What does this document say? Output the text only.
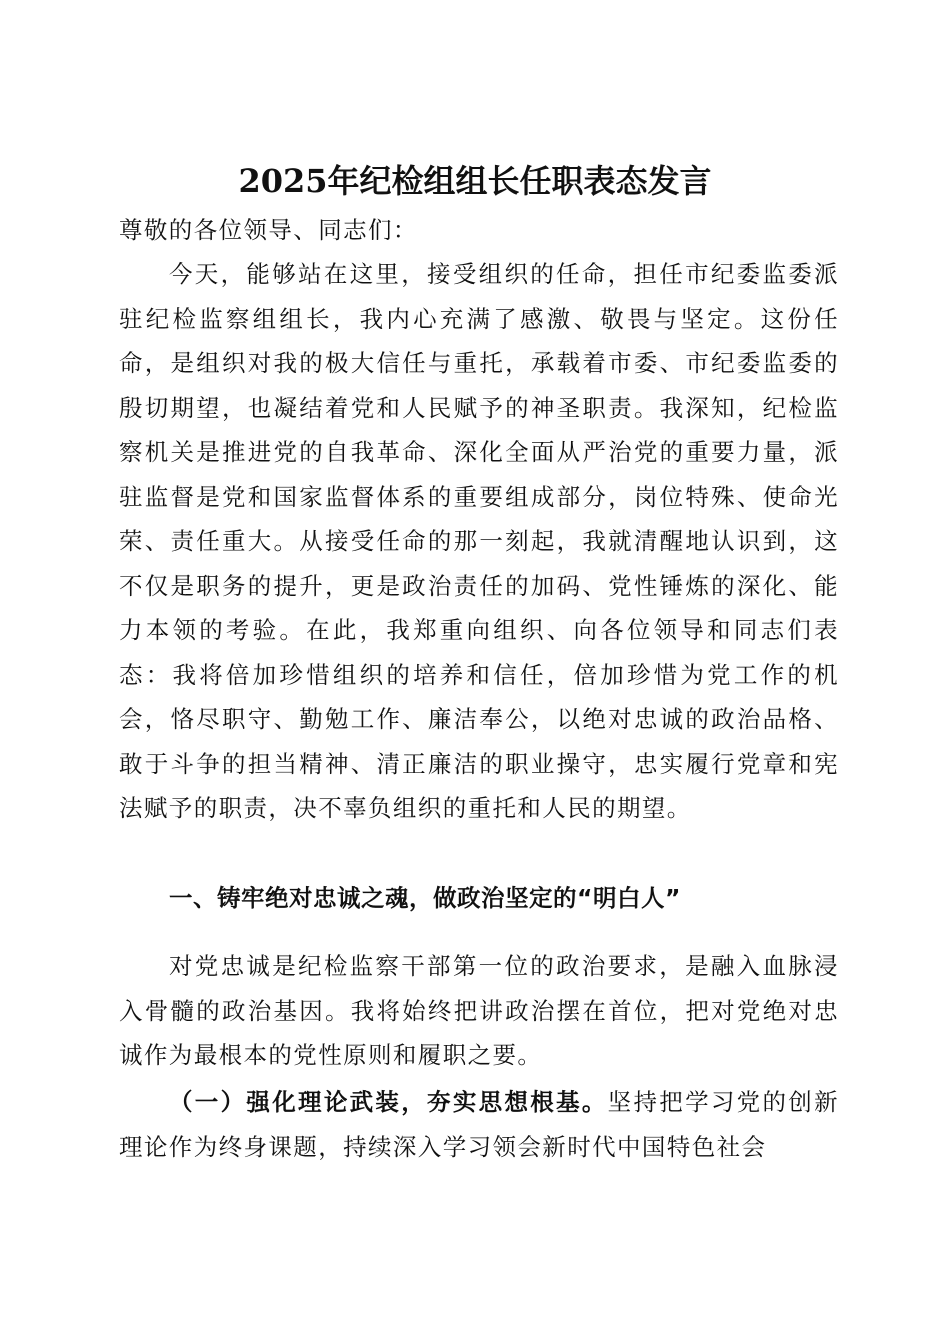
2025年纪检组组长任职表态发言

尊敬的各位领导、同志们：

今天，能够站在这里，接受组织的任命，担任市纪委监委派驻纪检监察组组长，我内心充满了感激、敬畏与坚定。这份任命，是组织对我的极大信任与重托，承载着市委、市纪委监委的殷切期望，也凝结着党和人民赋予的神圣职责。我深知，纪检监察机关是推进党的自我革命、深化全面从严治党的重要力量，派驻监督是党和国家监督体系的重要组成部分，岗位特殊、使命光荣、责任重大。从接受任命的那一刻起，我就清醒地认识到，这不仅是职务的提升，更是政治责任的加码、党性锤炼的深化、能力本领的考验。在此，我郑重向组织、向各位领导和同志们表态：我将倍加珍惜组织的培养和信任，倍加珍惜为党工作的机会，恪尽职守、勤勉工作、廉洁奉公，以绝对忠诚的政治品格、敢于斗争的担当精神、清正廉洁的职业操守，忠实履行党章和宪法赋予的职责，决不辜负组织的重托和人民的期望。

一、铸牢绝对忠诚之魂，做政治坚定的“明白人”

对党忠诚是纪检监察干部第一位的政治要求，是融入血脉浸入骨髓的政治基因。我将始终把讲政治摆在首位，把对党绝对忠诚作为最根本的党性原则和履职之要。

（一）强化理论武装，夯实思想根基。坚持把学习党的创新理论作为终身课题，持续深入学习领会新时代中国特色社会
